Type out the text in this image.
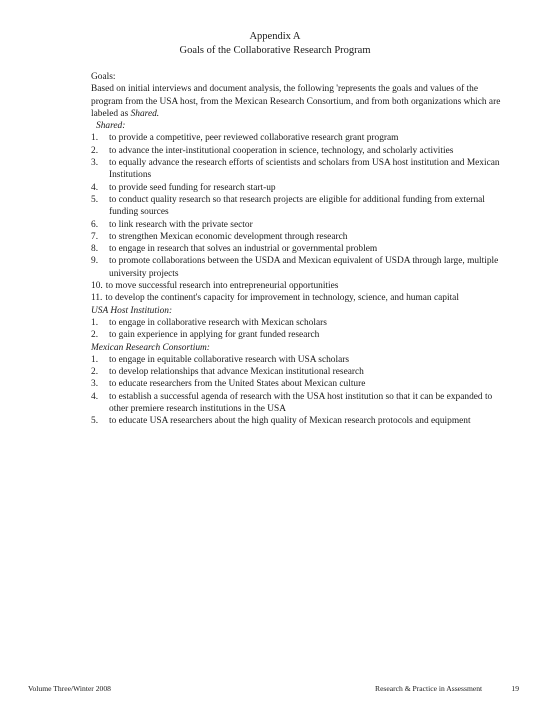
Appendix A
Goals of the Collaborative Research Program

Goals:

Based on initial interviews and document analysis, the following 'represents the goals and values of the program from the USA host, from the Mexican Research Consortium, and from both organizations which are labeled as Shared.

Shared:

1.	to provide a competitive, peer reviewed collaborative research grant program
2.	to advance the inter-institutional cooperation in science, technology, and scholarly activities
3.	to equally advance the research efforts of scientists and scholars from USA host institution and Mexican Institutions
4.	to provide seed funding for research start-up
5.	to conduct quality research so that research projects are eligible for additional funding from external funding sources
6.	to link research with the private sector
7.	to strengthen Mexican economic development through research
8.	to engage in research that solves an industrial or governmental problem
9.	to promote collaborations between the USDA and Mexican equivalent of USDA through large, multiple university projects
10. to move successful research into entrepreneurial opportunities
11. to develop the continent's capacity for improvement in technology, science, and human capital

USA Host Institution:

1.	to engage in collaborative research with Mexican scholars
2.	to gain experience in applying for grant funded research

Mexican Research Consortium:

1.	to engage in equitable collaborative research with USA scholars
2.	to develop relationships that advance Mexican institutional research
3.	to educate researchers from the United States about Mexican culture
4.	to establish a successful agenda of research with the USA host institution so that it can be expanded to other premiere research institutions in the USA
5.	to educate USA researchers about the high quality of Mexican research protocols and equipment
Volume Three/Winter 2008	Research & Practice in Assessment	19
